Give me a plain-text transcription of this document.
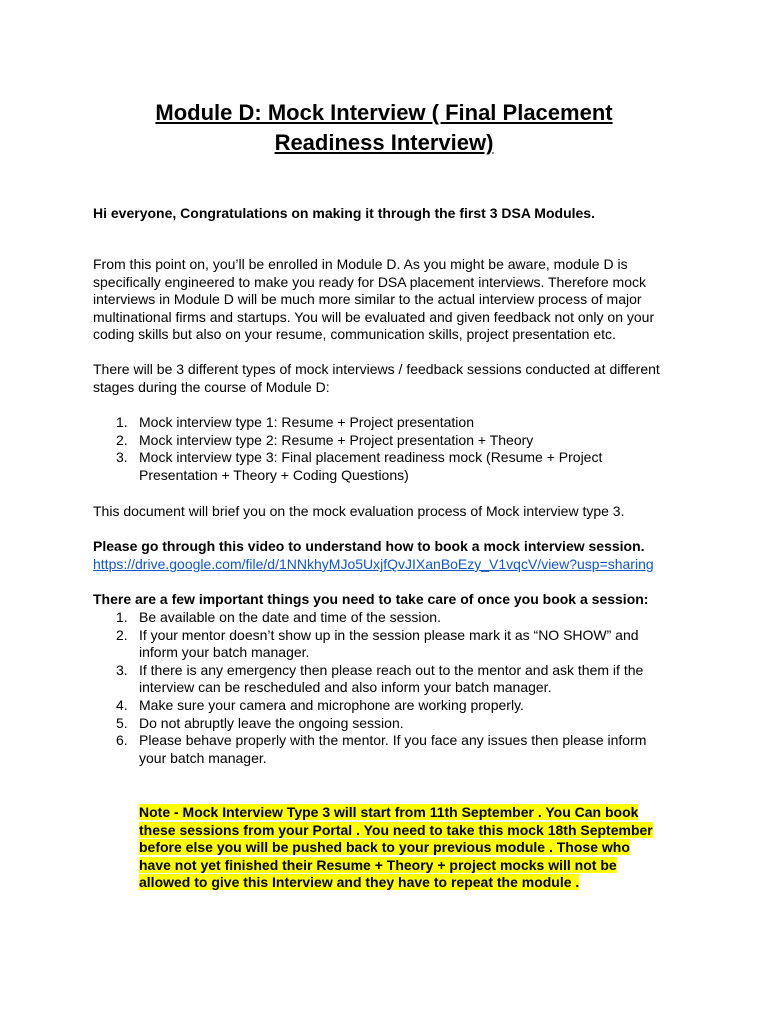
Module D: Mock Interview ( Final Placement
Readiness Interview)
Hi everyone, Congratulations on making it through the first 3 DSA Modules.
From this point on, you’ll be enrolled in Module D. As you might be aware, module D is
specifically engineered to make you ready for DSA placement interviews. Therefore mock
interviews in Module D will be much more similar to the actual interview process of major
multinational firms and startups. You will be evaluated and given feedback not only on your
coding skills but also on your resume, communication skills, project presentation etc.
There will be 3 different types of mock interviews / feedback sessions conducted at different
stages during the course of Module D:
1. Mock interview type 1: Resume + Project presentation
2. Mock interview type 2: Resume + Project presentation + Theory
3. Mock interview type 3: Final placement readiness mock (Resume + Project
Presentation + Theory + Coding Questions)
This document will brief you on the mock evaluation process of Mock interview type 3.
Please go through this video to understand how to book a mock interview session.
https://drive.google.com/file/d/1NNkhyMJo5UxjfQvJIXanBoEzy_V1vqcV/view?usp=sharing
There are a few important things you need to take care of once you book a session:
1. Be available on the date and time of the session.
2. If your mentor doesn’t show up in the session please mark it as “NO SHOW” and
inform your batch manager.
3. If there is any emergency then please reach out to the mentor and ask them if the
interview can be rescheduled and also inform your batch manager.
4. Make sure your camera and microphone are working properly.
5. Do not abruptly leave the ongoing session.
6. Please behave properly with the mentor. If you face any issues then please inform
your batch manager.
Note - Mock Interview Type 3 will start from 11th September . You Can book
these sessions from your Portal . You need to take this mock 18th September
before else you will be pushed back to your previous module . Those who
have not yet finished their Resume + Theory + project mocks will not be
allowed to give this Interview and they have to repeat the module .
